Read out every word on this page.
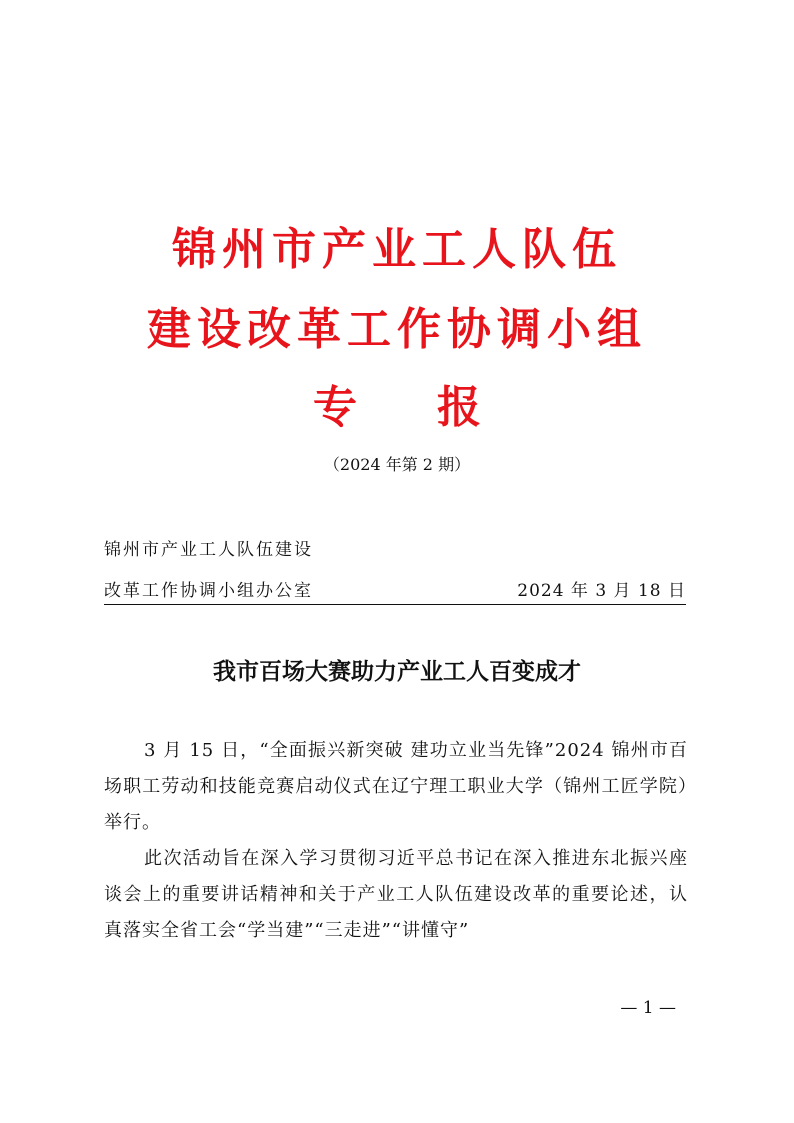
锦州市产业工人队伍
建设改革工作协调小组
专报
（2024 年第 2 期）
锦州市产业工人队伍建设
改革工作协调小组办公室	2024 年 3 月 18 日
我市百场大赛助力产业工人百变成才

3 月 15 日，“全面振兴新突破 建功立业当先锋”2024 锦州市百场职工劳动和技能竞赛启动仪式在辽宁理工职业大学（锦州工匠学院）举行。

此次活动旨在深入学习贯彻习近平总书记在深入推进东北振兴座谈会上的重要讲话精神和关于产业工人队伍建设改革的重要论述，认真落实全省工会“学当建”“三走进”“讲懂守”

— 1 —
